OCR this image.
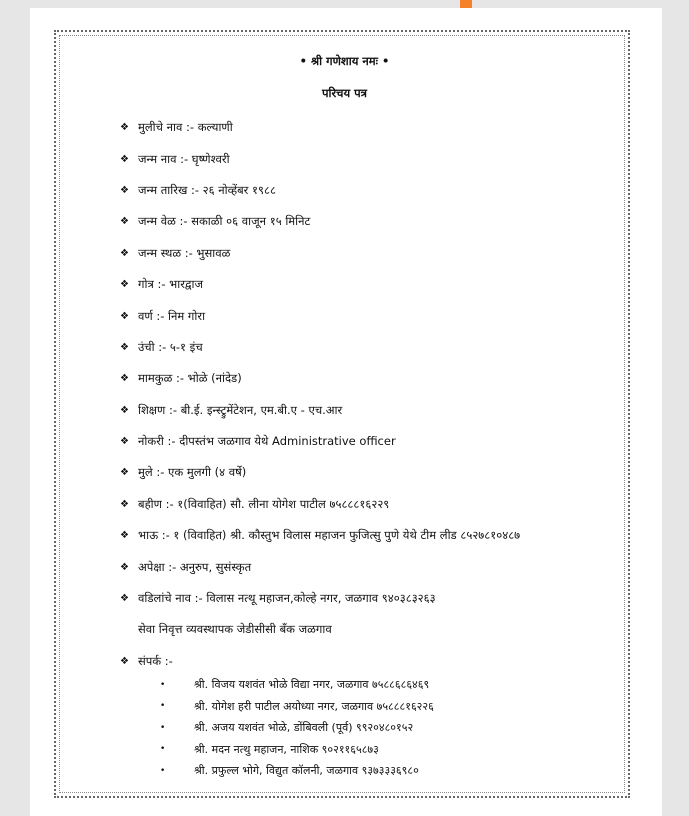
• श्री गणेशाय नमः •
परिचय पत्र
❖ मुलीचे नाव :- कल्याणी
❖ जन्म नाव :- घृष्णेश्वरी
❖ जन्म तारिख :- २६ नोव्हेंबर १९८८
❖ जन्म वेळ :- सकाळी ०६ वाजून १५ मिनिट
❖ जन्म स्थळ :- भुसावळ
❖ गोत्र :- भारद्वाज
❖ वर्ण :- निम गोरा
❖ उंची :- ५-१ इंच
❖ मामकुळ :- भोळे (नांदेड)
❖ शिक्षण :- बी.ई. इन्स्ट्रुमेंटेशन, एम.बी.ए - एच.आर
❖ नोकरी :- दीपस्तंभ जळगाव येथे Administrative officer
❖ मुले :- एक मुलगी (४ वर्षे)
❖ बहीण :- १(विवाहित) सौ. लीना योगेश पाटील ७५८८८१६२२९
❖ भाऊ :- १ (विवाहित) श्री. कौस्तुभ विलास महाजन फुजित्सु पुणे येथे टीम लीड ८५२७८१०४८७
❖ अपेक्षा :- अनुरुप, सुसंस्कृत
❖ वडिलांचे नाव :- विलास नत्थू महाजन,कोल्हे नगर, जळगाव ९४०३८३२६३
सेवा निवृत्त व्यवस्थापक जेडीसीसी बँक जळगाव
❖ संपर्क :-
•	श्री. विजय यशवंत भोळे विद्या नगर, जळगाव ७५८८६८६४६९
•	श्री. योगेश हरी पाटील अयोध्या नगर, जळगाव ७५८८८१६२२६
•	श्री. अजय यशवंत भोळे, डोंबिवली (पूर्व) ९९२०४८०१५२
•	श्री. मदन नत्थु महाजन, नाशिक ९०२११६५८७३
•	श्री. प्रफुल्ल भोगे, विद्युत कॉलनी, जळगाव ९३७३३३६९८०
